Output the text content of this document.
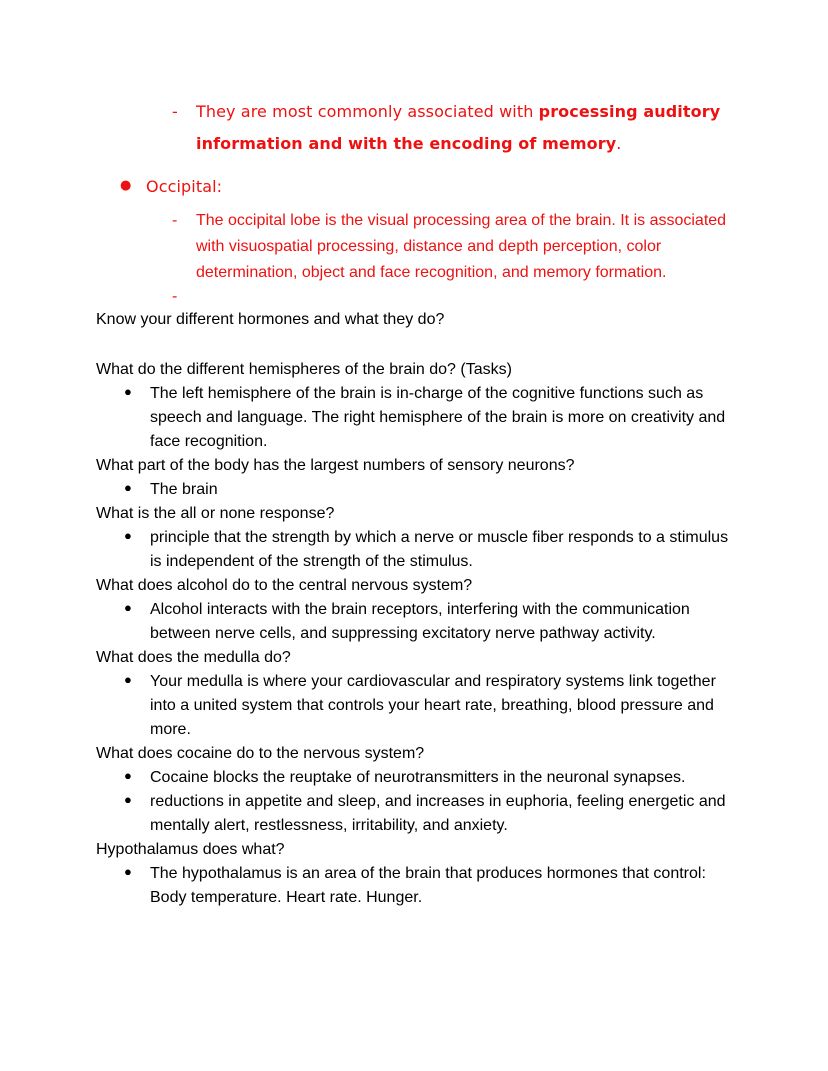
-	They are most commonly associated with processing auditory information and with the encoding of memory.
● Occipital:
-	The occipital lobe is the visual processing area of the brain. It is associated with visuospatial processing, distance and depth perception, color determination, object and face recognition, and memory formation.
-
Know your different hormones and what they do?
What do the different hemispheres of the brain do? (Tasks)
●	The left hemisphere of the brain is in-charge of the cognitive functions such as speech and language. The right hemisphere of the brain is more on creativity and face recognition.
What part of the body has the largest numbers of sensory neurons?
●	The brain
What is the all or none response?
●	principle that the strength by which a nerve or muscle fiber responds to a stimulus is independent of the strength of the stimulus.
What does alcohol do to the central nervous system?
●	Alcohol interacts with the brain receptors, interfering with the communication between nerve cells, and suppressing excitatory nerve pathway activity.
What does the medulla do?
●	Your medulla is where your cardiovascular and respiratory systems link together into a united system that controls your heart rate, breathing, blood pressure and more.
What does cocaine do to the nervous system?
●	Cocaine blocks the reuptake of neurotransmitters in the neuronal synapses.
●	reductions in appetite and sleep, and increases in euphoria, feeling energetic and mentally alert, restlessness, irritability, and anxiety.
Hypothalamus does what?
●	The hypothalamus is an area of the brain that produces hormones that control: Body temperature. Heart rate. Hunger.
